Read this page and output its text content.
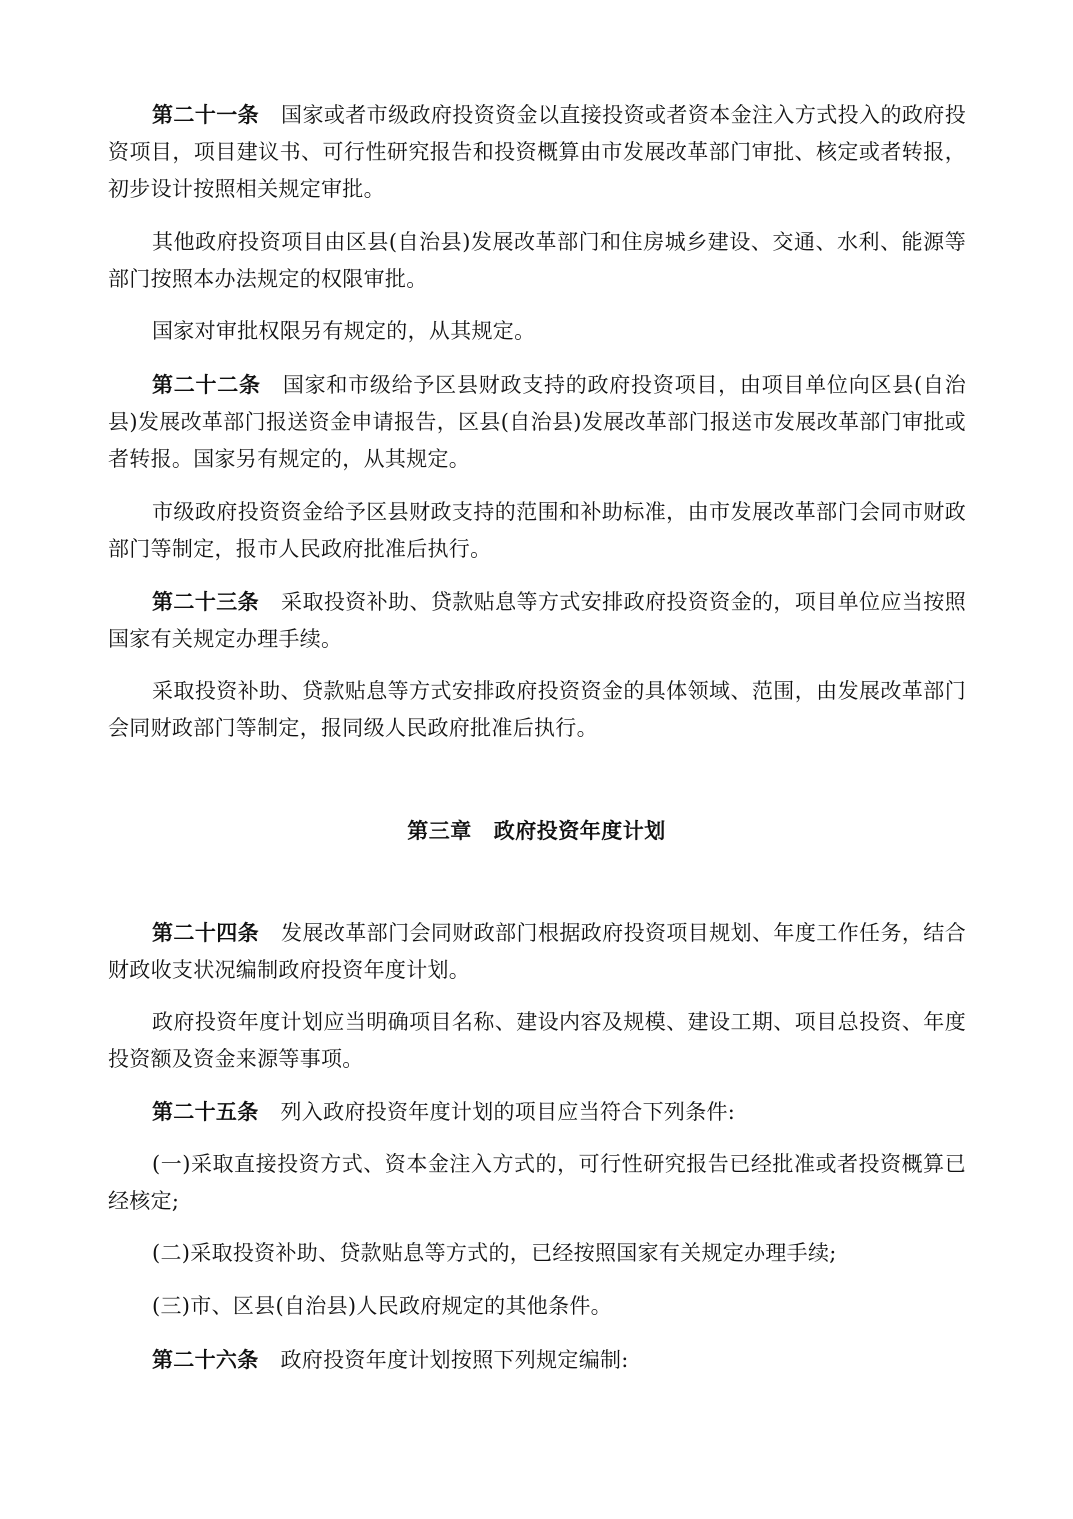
第二十一条 国家或者市级政府投资资金以直接投资或者资本金注入方式投入的政府投资项目，项目建议书、可行性研究报告和投资概算由市发展改革部门审批、核定或者转报，初步设计按照相关规定审批。

其他政府投资项目由区县(自治县)发展改革部门和住房城乡建设、交通、水利、能源等部门按照本办法规定的权限审批。

国家对审批权限另有规定的，从其规定。

第二十二条 国家和市级给予区县财政支持的政府投资项目，由项目单位向区县(自治县)发展改革部门报送资金申请报告，区县(自治县)发展改革部门报送市发展改革部门审批或者转报。国家另有规定的，从其规定。

市级政府投资资金给予区县财政支持的范围和补助标准，由市发展改革部门会同市财政部门等制定，报市人民政府批准后执行。

第二十三条 采取投资补助、贷款贴息等方式安排政府投资资金的，项目单位应当按照国家有关规定办理手续。

采取投资补助、贷款贴息等方式安排政府投资资金的具体领域、范围，由发展改革部门会同财政部门等制定，报同级人民政府批准后执行。

第三章 政府投资年度计划

第二十四条 发展改革部门会同财政部门根据政府投资项目规划、年度工作任务，结合财政收支状况编制政府投资年度计划。

政府投资年度计划应当明确项目名称、建设内容及规模、建设工期、项目总投资、年度投资额及资金来源等事项。

第二十五条 列入政府投资年度计划的项目应当符合下列条件:

(一)采取直接投资方式、资本金注入方式的，可行性研究报告已经批准或者投资概算已经核定;

(二)采取投资补助、贷款贴息等方式的，已经按照国家有关规定办理手续;

(三)市、区县(自治县)人民政府规定的其他条件。

第二十六条 政府投资年度计划按照下列规定编制:
